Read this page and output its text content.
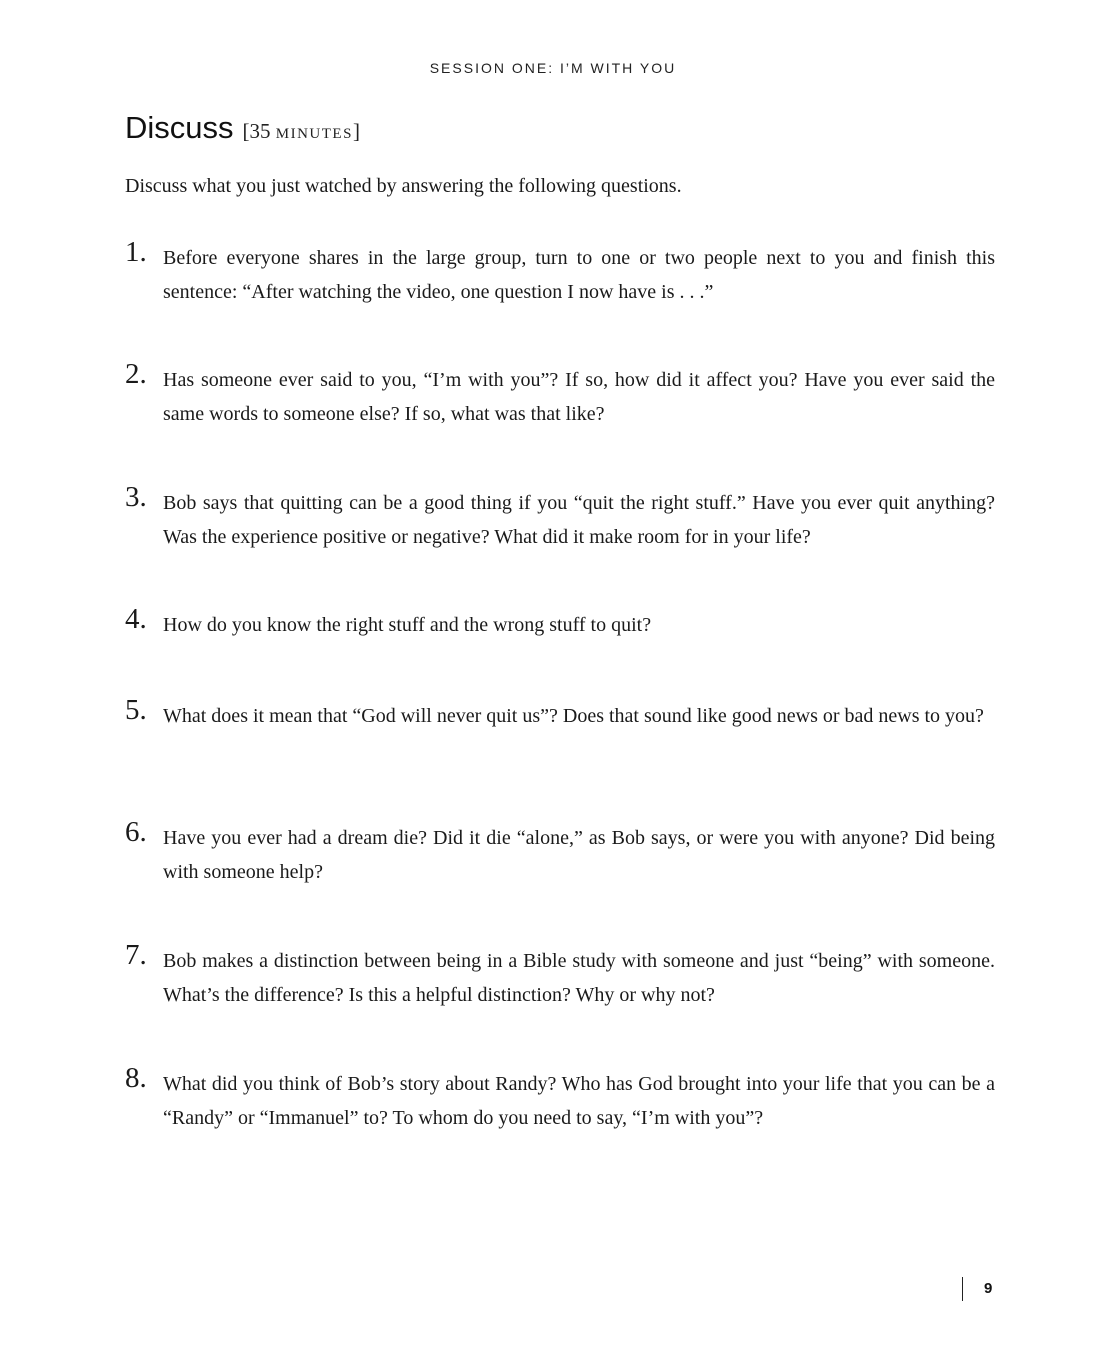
SESSION ONE: I’M WITH YOU
Discuss [35 minutes]
Discuss what you just watched by answering the following questions.
1. Before everyone shares in the large group, turn to one or two people next to you and finish this sentence: “After watching the video, one question I now have is . . .”
2. Has someone ever said to you, “I’m with you”? If so, how did it affect you? Have you ever said the same words to someone else? If so, what was that like?
3. Bob says that quitting can be a good thing if you “quit the right stuff.” Have you ever quit anything? Was the experience positive or negative? What did it make room for in your life?
4. How do you know the right stuff and the wrong stuff to quit?
5. What does it mean that “God will never quit us”? Does that sound like good news or bad news to you?
6. Have you ever had a dream die? Did it die “alone,” as Bob says, or were you with anyone? Did being with someone help?
7. Bob makes a distinction between being in a Bible study with someone and just “being” with someone. What’s the difference? Is this a helpful distinction? Why or why not?
8. What did you think of Bob’s story about Randy? Who has God brought into your life that you can be a “Randy” or “Immanuel” to? To whom do you need to say, “I’m with you”?
9
